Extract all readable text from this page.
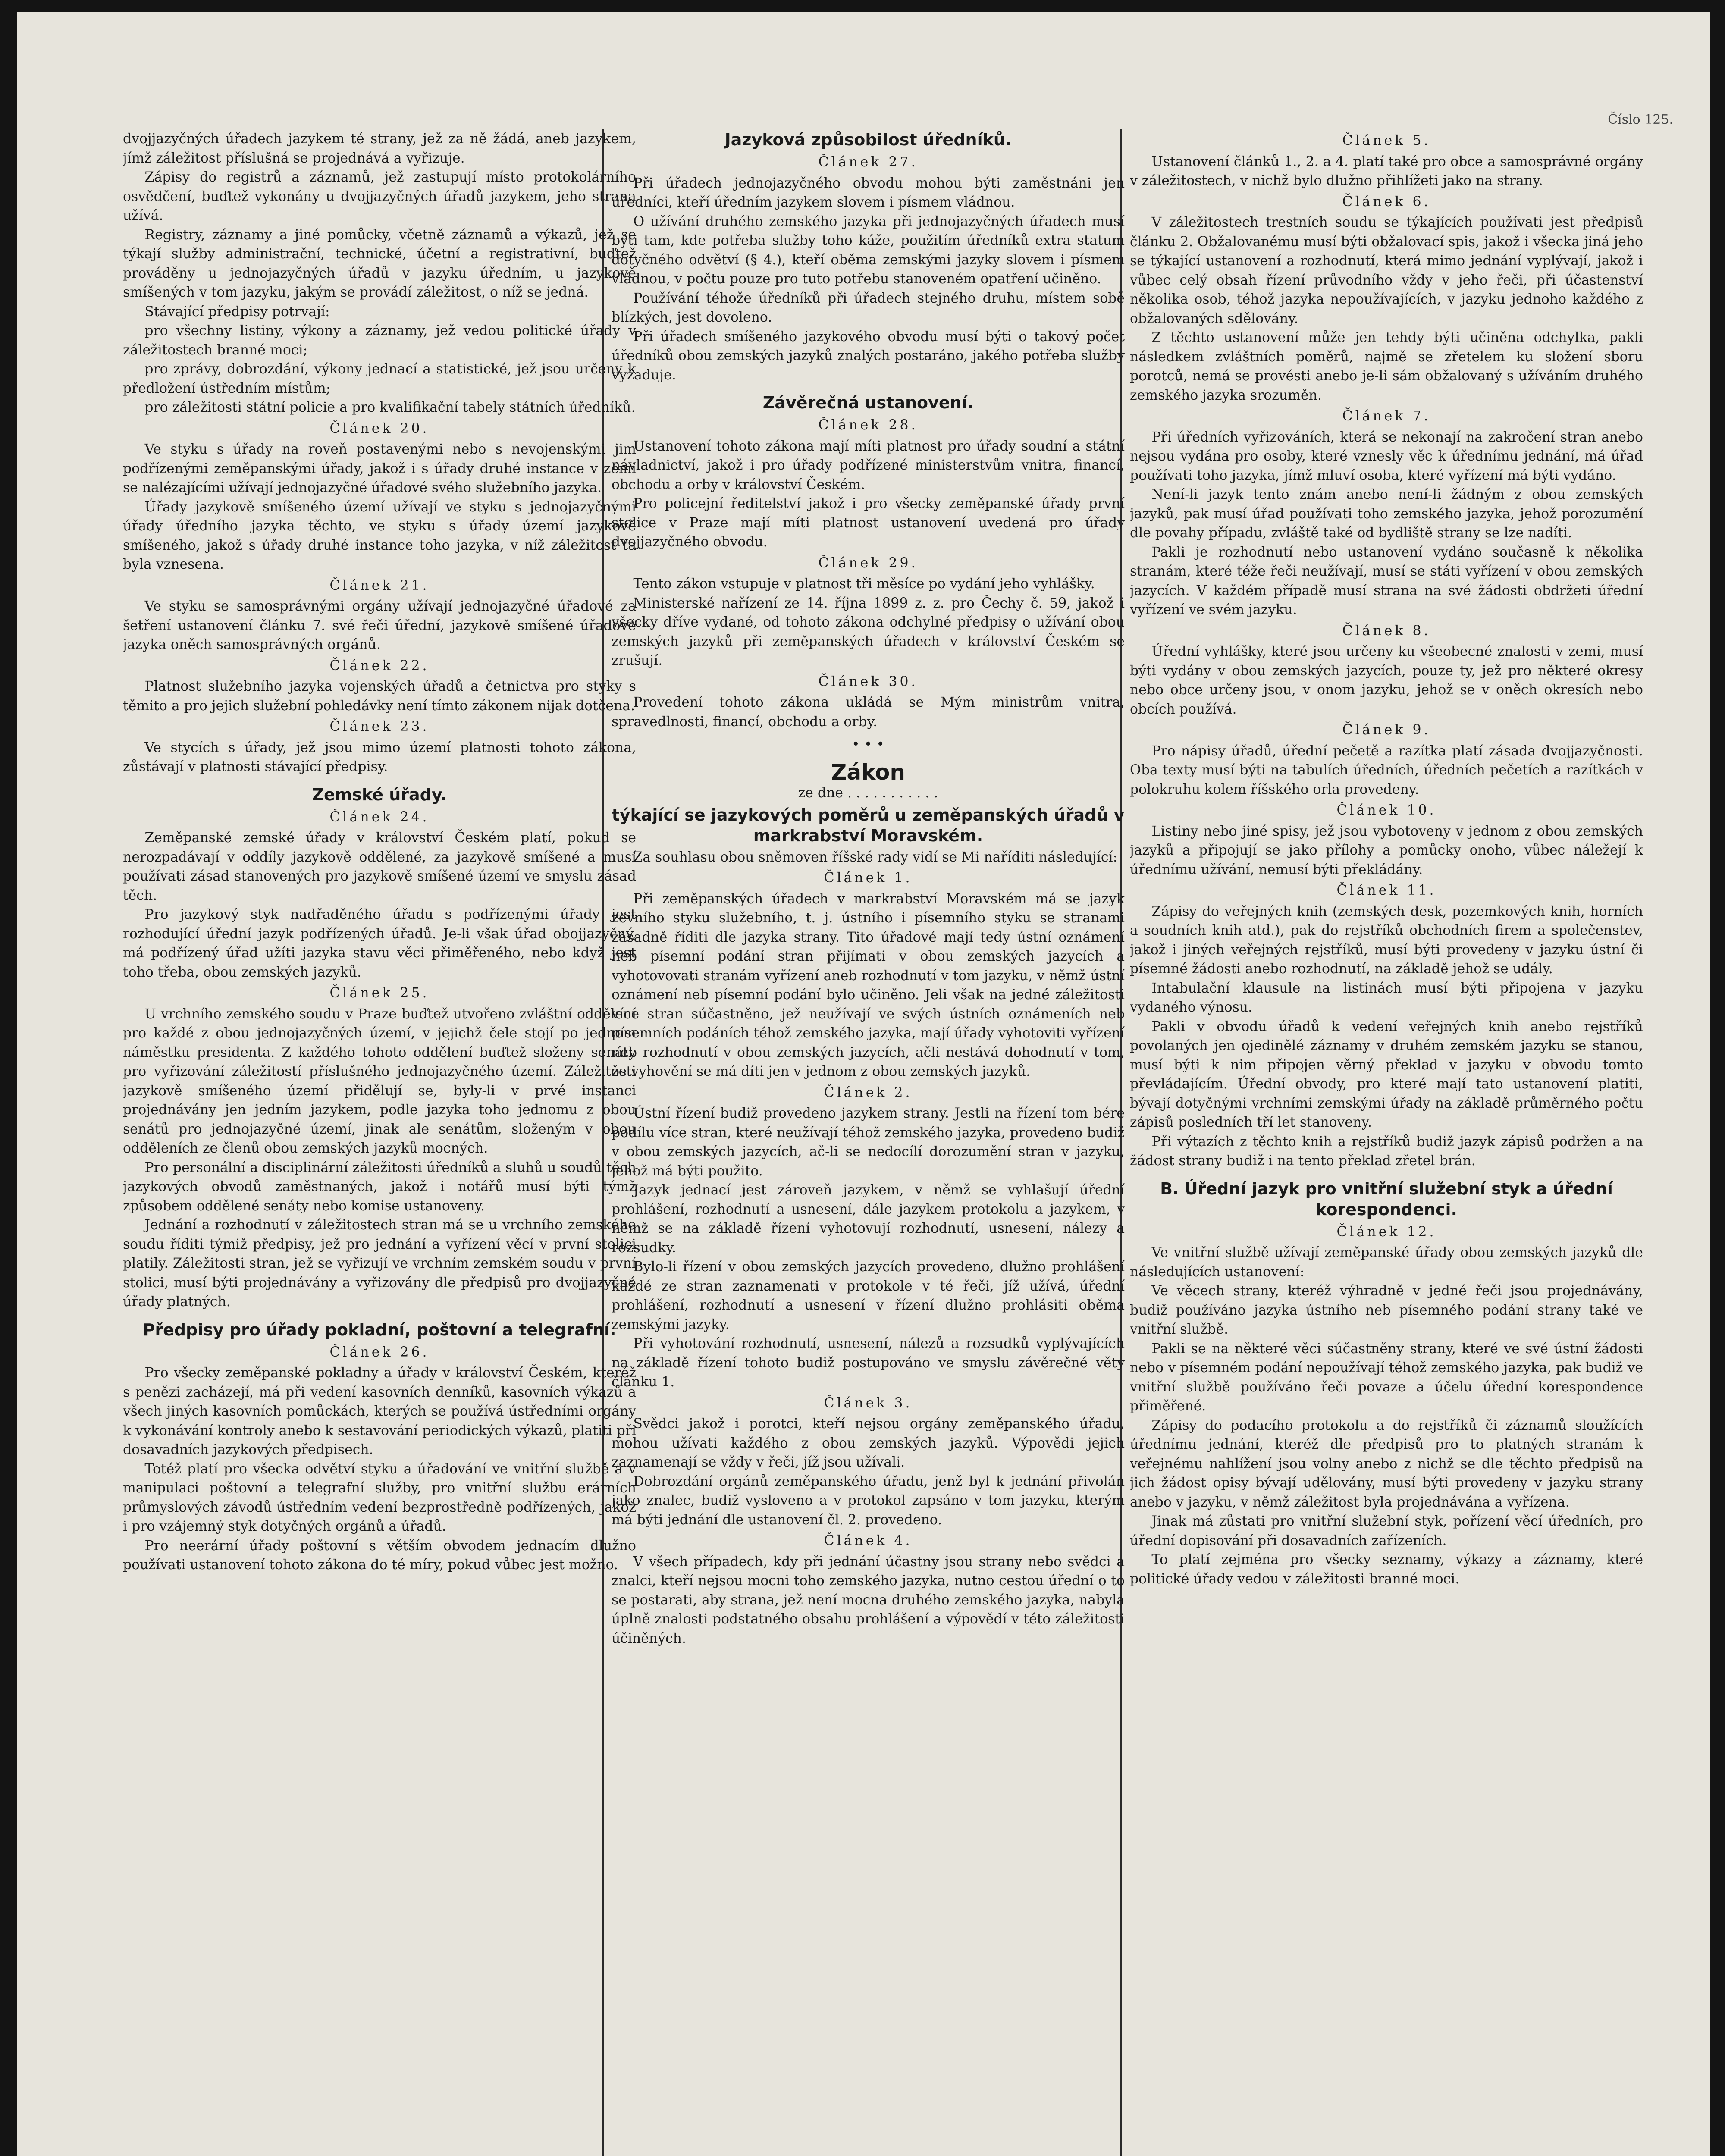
Číslo 125.

dvojjazyčných úřadech jazykem té strany, jež za ně žádá, aneb jazykem, jímž záležitost příslušná se projednává a vyřizuje.

Zápisy do registrů a záznamů, jež zastupují místo protokolárního osvědčení, buďtež vykonány u dvojjazyčných úřadů jazykem, jeho strana užívá.

Registry, záznamy a jiné pomůcky, včetně záznamů a výkazů, jež se týkají služby administrační, technické, účetní a registrativní, buďtež prováděny u jednojazyčných úřadů v jazyku úředním, u jazykově smíšených v tom jazyku, jakým se provádí záležitost, o níž se jedná.

Stávající předpisy potrvají:

pro všechny listiny, výkony a záznamy, jež vedou politické úřady v záležitostech branné moci;

pro zprávy, dobrozdání, výkony jednací a statistické, jež jsou určeny k předložení ústředním místům;

pro záležitosti státní policie a pro kvalifikační tabely státních úředníků.

Článek 20.

Ve styku s úřady na roveň postavenými nebo s nevojenskými jim podřízenými zeměpanskými úřady, jakož i s úřady druhé instance v zemi se nalézajícími užívají jednojazyčné úřadové svého služebního jazyka.

Úřady jazykově smíšeného území užívají ve styku s jednojazyčnými úřady úředního jazyka těchto, ve styku s úřady území jazykově smíšeného, jakož s úřady druhé instance toho jazyka, v níž záležitost ta byla vznesena.

Článek 21.

Ve styku se samosprávnými orgány užívají jednojazyčné úřadové za šetření ustanovení článku 7. své řeči úřední, jazykově smíšené úřadové jazyka oněch samosprávných orgánů.

Článek 22.

Platnost služebního jazyka vojenských úřadů a četnictva pro styky s těmito a pro jejich služební pohledávky není tímto zákonem nijak dotčena.

Článek 23.

Ve stycích s úřady, jež jsou mimo území platnosti tohoto zákona, zůstávají v platnosti stávající předpisy.

Zemské úřady.
Článek 24.

Zeměpanské zemské úřady v království Českém platí, pokud se nerozpadávají v oddíly jazykově oddělené, za jazykově smíšené a musí používati zásad stanovených pro jazykově smíšené území ve smyslu zásad těch.

Pro jazykový styk nadřaděného úřadu s podřízenými úřady jest rozhodující úřední jazyk podřízených úřadů. Je-li však úřad obojjazyčný, má podřízený úřad užíti jazyka stavu věci přiměřeného, nebo když jest toho třeba, obou zemských jazyků.

Článek 25.

U vrchního zemského soudu v Praze buďtež utvořeno zvláštní oddělení pro každé z obou jednojazyčných území, v jejichž čele stojí po jednom náměstku presidenta. Z každého tohoto oddělení buďtež složeny senáty pro vyřizování záležitostí příslušného jednojazyčného území. Záležitosti jazykově smíšeného území přidělují se, byly-li v prvé instanci projednávány jen jedním jazykem, podle jazyka toho jednomu z obou senátů pro jednojazyčné území, jinak ale senátům, složeným v obou odděleních ze členů obou zemských jazyků mocných.

Pro personální a disciplinární záležitosti úředníků a sluhů u soudů těch jazykových obvodů zaměstnaných, jakož i notářů musí býti týmž způsobem oddělené senáty nebo komise ustanoveny.

Jednání a rozhodnutí v záležitostech stran má se u vrchního zemského soudu říditi týmiž předpisy, jež pro jednání a vyřízení věcí v první stolici platily. Záležitosti stran, jež se vyřizují ve vrchním zemském soudu v první stolici, musí býti projednávány a vyřizovány dle předpisů pro dvojjazyčné úřady platných.

Předpisy pro úřady pokladní, poštovní a telegrafní.
Článek 26.

Pro všecky zeměpanské pokladny a úřady v království Českém, kteréž s penězi zacházejí, má při vedení kasovních denníků, kasovních výkazů a všech jiných kasovních pomůckách, kterých se používá ústředními orgány k vykonávání kontroly anebo k sestavování periodických výkazů, platiti při dosavadních jazykových předpisech.

Totéž platí pro všecka odvětví styku a úřadování ve vnitřní službě a v manipulaci poštovní a telegrafní služby, pro vnitřní službu erárních průmyslových závodů ústředním vedení bezprostředně podřízených, jakož i pro vzájemný styk dotyčných orgánů a úřadů.

Pro neerární úřady poštovní s větším obvodem jednacím dlužno používati ustanovení tohoto zákona do té míry, pokud vůbec jest možno.

Jazyková způsobilost úředníků.
Článek 27.

Při úřadech jednojazyčného obvodu mohou býti zaměstnáni jen úředníci, kteří úředním jazykem slovem i písmem vládnou.

O užívání druhého zemského jazyka při jednojazyčných úřadech musí býti tam, kde potřeba služby toho káže, použitím úředníků extra statum dotyčného odvětví (§ 4.), kteří oběma zemskými jazyky slovem i písmem vládnou, v počtu pouze pro tuto potřebu stanoveném opatření učiněno.

Používání téhože úředníků při úřadech stejného druhu, místem sobě blízkých, jest dovoleno.

Při úřadech smíšeného jazykového obvodu musí býti o takový počet úředníků obou zemských jazyků znalých postaráno, jakého potřeba služby vyžaduje.

Závěrečná ustanovení.
Článek 28.

Ustanovení tohoto zákona mají míti platnost pro úřady soudní a státní návladnictví, jakož i pro úřady podřízené ministerstvům vnitra, financí, obchodu a orby v království Českém.

Pro policejní ředitelství jakož i pro všecky zeměpanské úřady první stolice v Praze mají míti platnost ustanovení uvedená pro úřady dvojjazyčného obvodu.

Článek 29.

Tento zákon vstupuje v platnost tři měsíce po vydání jeho vyhlášky.

Ministerské nařízení ze 14. října 1899 z. z. pro Čechy č. 59, jakož i všecky dříve vydané, od tohoto zákona odchylné předpisy o užívání obou zemských jazyků při zeměpanských úřadech v království Českém se zrušují.

Článek 30.

Provedení tohoto zákona ukládá se Mým ministrům vnitra, spravedlnosti, financí, obchodu a orby.

• • •
Zákon
ze dne . . . . . . . . . . .
týkající se jazykových poměrů u zeměpanských úřadů v markrabství Moravském.

Za souhlasu obou sněmoven říšské rady vidí se Mi naříditi následující:

Článek 1.

Při zeměpanských úřadech v markrabství Moravském má se jazyk zevního styku služebního, t. j. ústního i písemního styku se stranami zásadně říditi dle jazyka strany. Tito úřadové mají tedy ústní oznámení neb písemní podání stran přijímati v obou zemských jazycích a vyhotovovati stranám vyřízení aneb rozhodnutí v tom jazyku, v němž ústní oznámení neb písemní podání bylo učiněno. Jeli však na jedné záležitosti více stran súčastněno, jež neužívají ve svých ústních oznámeních neb písemních podáních téhož zemského jazyka, mají úřady vyhotoviti vyřízení neb rozhodnutí v obou zemských jazycích, ačli nestává dohodnutí v tom, že vyhovění se má díti jen v jednom z obou zemských jazyků.

Článek 2.

Ústní řízení budiž provedeno jazykem strany. Jestli na řízení tom bére podílu více stran, které neužívají téhož zemského jazyka, provedeno budiž v obou zemských jazycích, ač-li se nedocílí dorozumění stran v jazyku, jehož má býti použito.

Jazyk jednací jest zároveň jazykem, v němž se vyhlašují úřední prohlášení, rozhodnutí a usnesení, dále jazykem protokolu a jazykem, v němž se na základě řízení vyhotovují rozhodnutí, usnesení, nálezy a rozsudky.

Bylo-li řízení v obou zemských jazycích provedeno, dlužno prohlášení každé ze stran zaznamenati v protokole v té řeči, jíž užívá, úřední prohlášení, rozhodnutí a usnesení v řízení dlužno prohlásiti oběma zemskými jazyky.

Při vyhotování rozhodnutí, usnesení, nálezů a rozsudků vyplývajících na základě řízení tohoto budiž postupováno ve smyslu závěrečné věty článku 1.

Článek 3.

Svědci jakož i porotci, kteří nejsou orgány zeměpanského úřadu, mohou užívati každého z obou zemských jazyků. Výpovědi jejich zaznamenají se vždy v řeči, jíž jsou užívali.

Dobrozdání orgánů zeměpanského úřadu, jenž byl k jednání přivolán jako znalec, budiž vysloveno a v protokol zapsáno v tom jazyku, kterým má býti jednání dle ustanovení čl. 2. provedeno.

Článek 4.

V všech případech, kdy při jednání účastny jsou strany nebo svědci a znalci, kteří nejsou mocni toho zemského jazyka, nutno cestou úřední o to se postarati, aby strana, jež není mocna druhého zemského jazyka, nabyla úplně znalosti podstatného obsahu prohlášení a výpovědí v této záležitosti účiněných.

Článek 5.

Ustanovení článků 1., 2. a 4. platí také pro obce a samosprávné orgány v záležitostech, v nichž bylo dlužno přihlížeti jako na strany.

Článek 6.

V záležitostech trestních soudu se týkajících používati jest předpisů článku 2. Obžalovanému musí býti obžalovací spis, jakož i všecka jiná jeho se týkající ustanovení a rozhodnutí, která mimo jednání vyplývají, jakož i vůbec celý obsah řízení průvodního vždy v jeho řeči, při účastenství několika osob, téhož jazyka nepoužívajících, v jazyku jednoho každého z obžalovaných sdělovány.

Z těchto ustanovení může jen tehdy býti učiněna odchylka, pakli následkem zvláštních poměrů, najmě se zřetelem ku složení sboru porotců, nemá se provésti anebo je-li sám obžalovaný s užíváním druhého zemského jazyka srozuměn.

Článek 7.

Při úředních vyřizováních, která se nekonají na zakročení stran anebo nejsou vydána pro osoby, které vznesly věc k úřednímu jednání, má úřad používati toho jazyka, jímž mluví osoba, které vyřízení má býti vydáno.

Není-li jazyk tento znám anebo není-li žádným z obou zemských jazyků, pak musí úřad používati toho zemského jazyka, jehož porozumění dle povahy případu, zvláště také od bydliště strany se lze nadíti.

Pakli je rozhodnutí nebo ustanovení vydáno současně k několika stranám, které téže řeči neužívají, musí se státi vyřízení v obou zemských jazycích. V každém případě musí strana na své žádosti obdržeti úřední vyřízení ve svém jazyku.

Článek 8.

Úřední vyhlášky, které jsou určeny ku všeobecné znalosti v zemi, musí býti vydány v obou zemských jazycích, pouze ty, jež pro některé okresy nebo obce určeny jsou, v onom jazyku, jehož se v oněch okresích nebo obcích používá.

Článek 9.

Pro nápisy úřadů, úřední pečetě a razítka platí zásada dvojjazyčnosti. Oba texty musí býti na tabulích úředních, úředních pečetích a razítkách v polokruhu kolem říšského orla provedeny.

Článek 10.

Listiny nebo jiné spisy, jež jsou vybotoveny v jednom z obou zemských jazyků a připojují se jako přílohy a pomůcky onoho, vůbec náležejí k úřednímu užívání, nemusí býti překládány.

Článek 11.

Zápisy do veřejných knih (zemských desk, pozemkových knih, horních a soudních knih atd.), pak do rejstříků obchodních firem a společenstev, jakož i jiných veřejných rejstříků, musí býti provedeny v jazyku ústní či písemné žádosti anebo rozhodnutí, na základě jehož se udály.

Intabulační klausule na listinách musí býti připojena v jazyku vydaného výnosu.

Pakli v obvodu úřadů k vedení veřejných knih anebo rejstříků povolaných jen ojedinělé záznamy v druhém zemském jazyku se stanou, musí býti k nim připojen věrný překlad v jazyku v obvodu tomto převládajícím. Úřední obvody, pro které mají tato ustanovení platiti, bývají dotyčnými vrchními zemskými úřady na základě průměrného počtu zápisů posledních tří let stanoveny.

Při výtazích z těchto knih a rejstříků budiž jazyk zápisů podržen a na žádost strany budiž i na tento překlad zřetel brán.

B. Úřední jazyk pro vnitřní služební styk a úřední korespondenci.
Článek 12.

Ve vnitřní službě užívají zeměpanské úřady obou zemských jazyků dle následujících ustanovení:

Ve věcech strany, kteréž výhradně v jedné řeči jsou projednávány, budiž používáno jazyka ústního neb písemného podání strany také ve vnitřní službě.

Pakli se na některé věci súčastněny strany, které ve své ústní žádosti nebo v písemném podání nepoužívají téhož zemského jazyka, pak budiž ve vnitřní službě používáno řeči povaze a účelu úřední korespondence přiměřené.

Zápisy do podacího protokolu a do rejstříků či záznamů sloužících úřednímu jednání, kteréž dle předpisů pro to platných stranám k veřejnému nahlížení jsou volny anebo z nichž se dle těchto předpisů na jich žádost opisy bývají udělovány, musí býti provedeny v jazyku strany anebo v jazyku, v němž záležitost byla projednávána a vyřízena.

Jinak má zůstati pro vnitřní služební styk, pořízení věcí úředních, pro úřední dopisování při dosavadních zařízeních.

To platí zejména pro všecky seznamy, výkazy a záznamy, které politické úřady vedou v záležitosti branné moci.
